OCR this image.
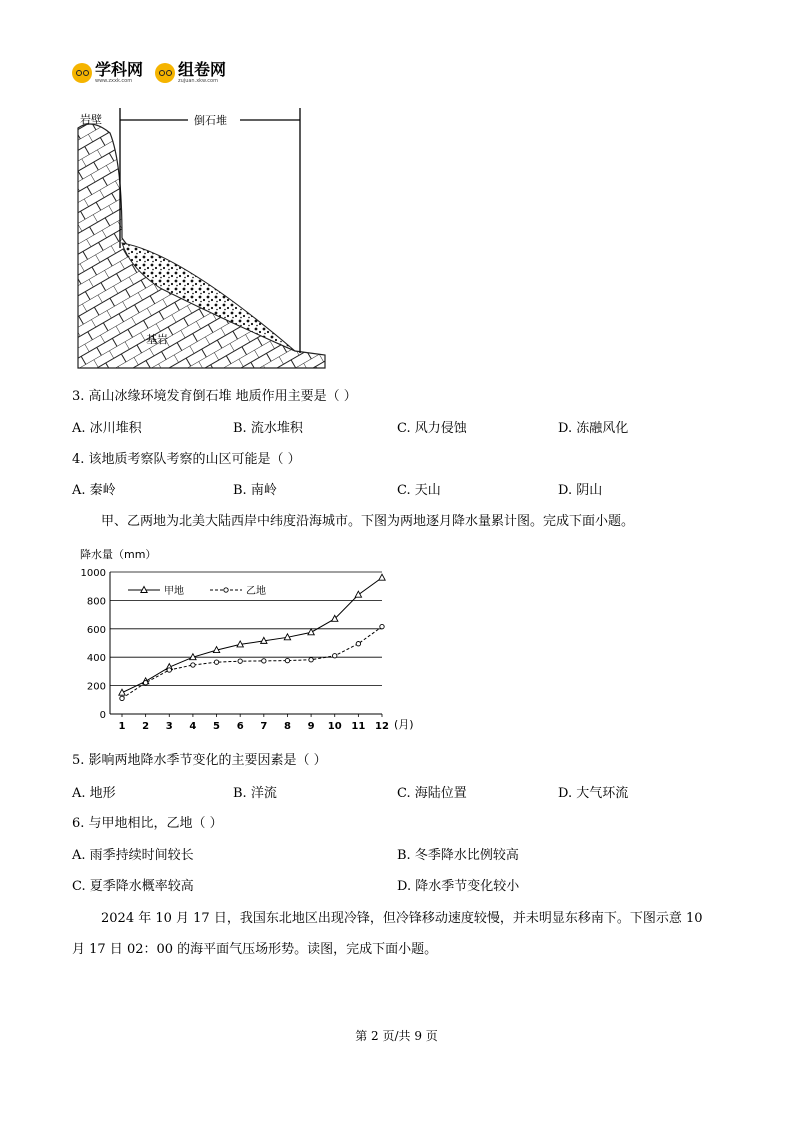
学科网
www.zxxk.com
组卷网
zujuan.xkw.com
岩壁	倒石堆
基岩
3. 高山冰缘环境发育倒石堆 地质作用主要是（ ）
A. 冰川堆积	B. 流水堆积	C. 风力侵蚀	D. 冻融风化
4. 该地质考察队考察的山区可能是（ ）
A. 秦岭	B. 南岭	C. 天山	D. 阴山
甲、乙两地为北美大陆西岸中纬度沿海城市。下图为两地逐月降水量累计图。完成下面小题。
降水量（mm）
0
200
400
600
800
1000
1 2 3 4 5 6 7 8 9 10 11 12
甲地	乙地
(月)
5. 影响两地降水季节变化的主要因素是（ ）
A. 地形	B. 洋流	C. 海陆位置	D. 大气环流
6. 与甲地相比，乙地（ ）
A. 雨季持续时间较长	B. 冬季降水比例较高
C. 夏季降水概率较高	D. 降水季节变化较小
2024 年 10 月 17 日，我国东北地区出现冷锋，但冷锋移动速度较慢，并未明显东移南下。下图示意 10
月 17 日 02：00 的海平面气压场形势。读图，完成下面小题。
第 2 页/共 9 页
